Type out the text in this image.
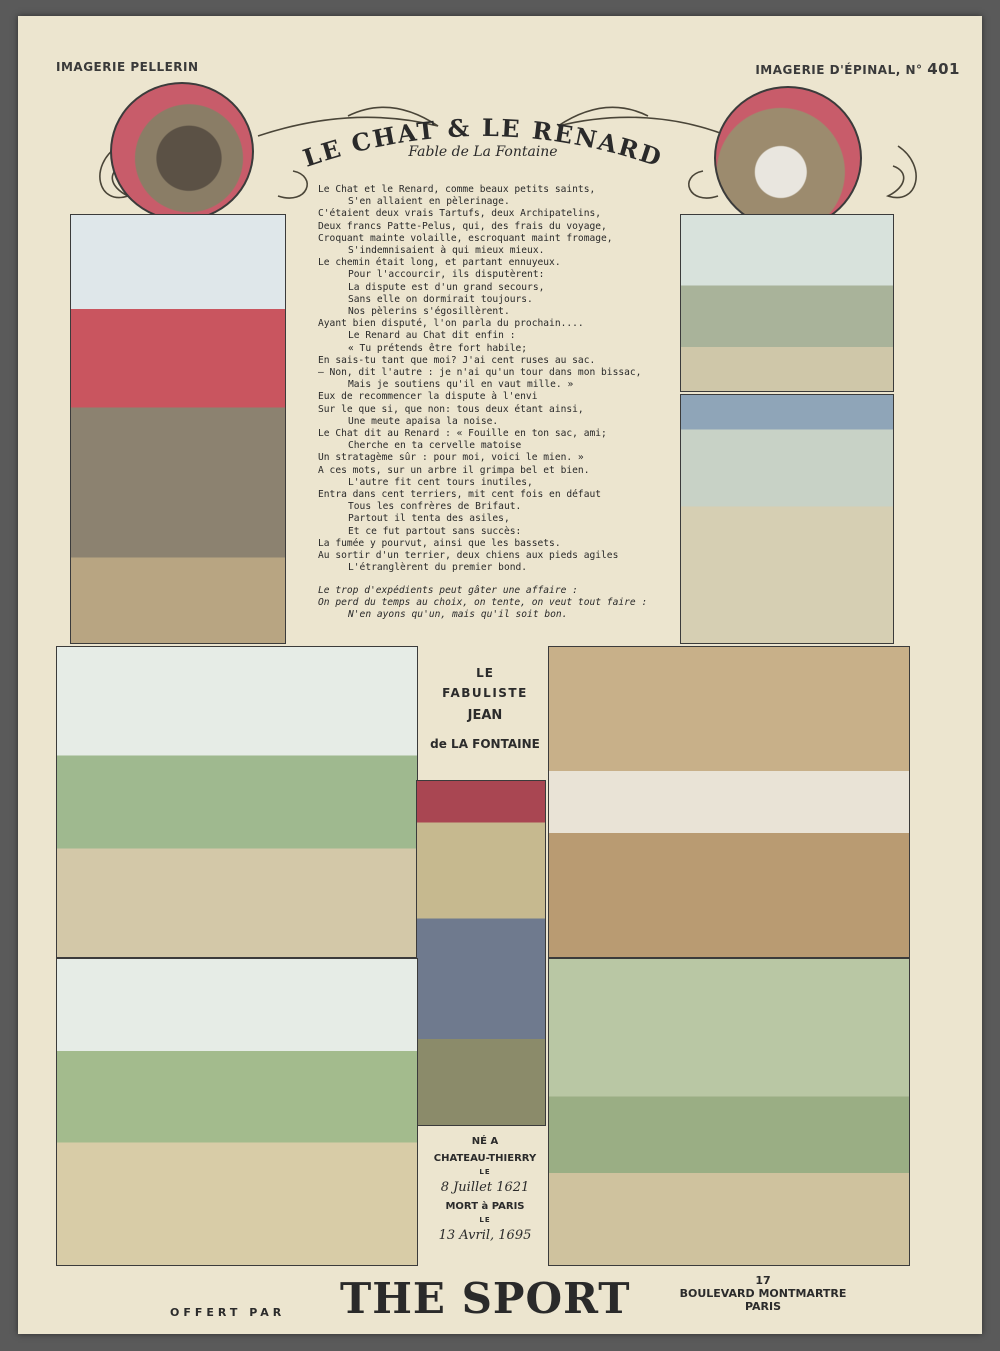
IMAGERIE PELLERIN	IMAGERIE D'ÉPINAL, N° 401
LE CHAT & LE RENARD
Fable de La Fontaine
Le Chat et le Renard, comme beaux petits saints,
S'en allaient en pèlerinage.
C'étaient deux vrais Tartufs, deux Archipatelins,
Deux francs Patte-Pelus, qui, des frais du voyage,
Croquant mainte volaille, escroquant maint fromage,
S'indemnisaient à qui mieux mieux.
Le chemin était long, et partant ennuyeux.
Pour l'accourcir, ils disputèrent:
La dispute est d'un grand secours,
Sans elle on dormirait toujours.
Nos pèlerins s'égosillèrent.
Ayant bien disputé, l'on parla du prochain....
Le Renard au Chat dit enfin :
« Tu prétends être fort habile;
En sais-tu tant que moi? J'ai cent ruses au sac.
— Non, dit l'autre : je n'ai qu'un tour dans mon bissac,
Mais je soutiens qu'il en vaut mille. »
Eux de recommencer la dispute à l'envi
Sur le que si, que non: tous deux étant ainsi,
Une meute apaisa la noise.
Le Chat dit au Renard : « Fouille en ton sac, ami;
Cherche en ta cervelle matoise
Un stratagème sûr : pour moi, voici le mien. »
A ces mots, sur un arbre il grimpa bel et bien.
L'autre fit cent tours inutiles,
Entra dans cent terriers, mit cent fois en défaut
Tous les confrères de Brifaut.
Partout il tenta des asiles,
Et ce fut partout sans succès:
La fumée y pourvut, ainsi que les bassets.
Au sortir d'un terrier, deux chiens aux pieds agiles
L'étranglèrent du premier bond.
Le trop d'expédients peut gâter une affaire :
On perd du temps au choix, on tente, on veut tout faire :
N'en ayons qu'un, mais qu'il soit bon.
LE
FABULISTE
JEAN
de LA FONTAINE
NÉ A
CHATEAU-THIERRY
LE
8 Juillet 1621
MORT à PARIS
LE
13 Avril, 1695
OFFERT PAR THE SPORT	17
BOULEVARD MONTMARTRE
PARIS
